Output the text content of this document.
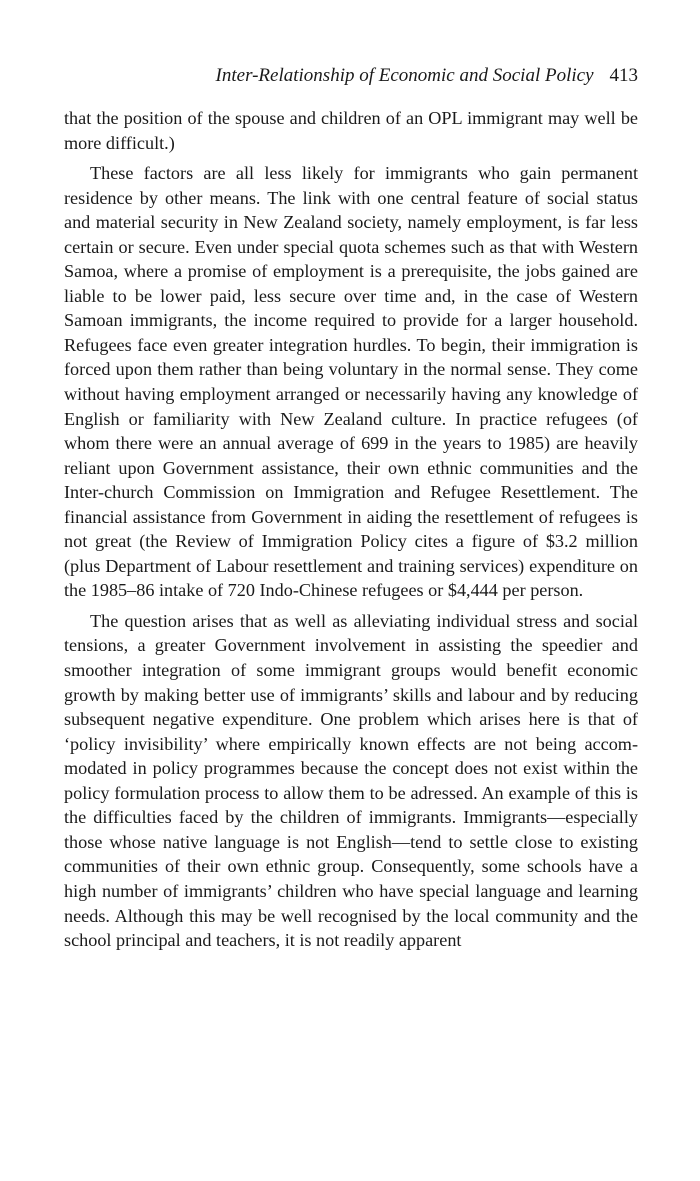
Inter-Relationship of Economic and Social Policy 413

that the position of the spouse and children of an OPL immigrant may well be more difficult.)

These factors are all less likely for immigrants who gain permanent residence by other means. The link with one central feature of social status and material security in New Zealand society, namely employment, is far less certain or secure. Even under special quota schemes such as that with Western Samoa, where a promise of employment is a prerequisite, the jobs gained are liable to be lower paid, less secure over time and, in the case of Western Samoan immigrants, the income required to provide for a larger household. Refugees face even greater integration hurdles. To begin, their immigration is forced upon them rather than being voluntary in the normal sense. They come without having employment arranged or necessarily having any knowledge of English or familiarity with New Zealand culture. In practice refugees (of whom there were an annual average of 699 in the years to 1985) are heavily reliant upon Government assistance, their own ethnic communities and the Inter-church Commission on Immigration and Refugee Resettlement. The financial assistance from Government in aiding the resettlement of refugees is not great (the Review of Immigration Policy cites a figure of $3.2 million (plus Department of Labour resettlement and training services) expenditure on the 1985–86 intake of 720 Indo-Chinese refugees or $4,444 per person.

The question arises that as well as alleviating individual stress and social tensions, a greater Government involvement in assisting the speedier and smoother integration of some immigrant groups would benefit economic growth by making better use of immigrants’ skills and labour and by reducing subsequent negative expenditure. One problem which arises here is that of ‘policy invisibility’ where empirically known effects are not being accommodated in policy programmes because the concept does not exist within the policy formulation process to allow them to be adressed. An example of this is the difficulties faced by the children of immigrants. Immigrants—especially those whose native language is not English—tend to settle close to existing communities of their own ethnic group. Consequently, some schools have a high number of immigrants’ children who have special language and learning needs. Although this may be well recognised by the local community and the school principal and teachers, it is not readily apparent
